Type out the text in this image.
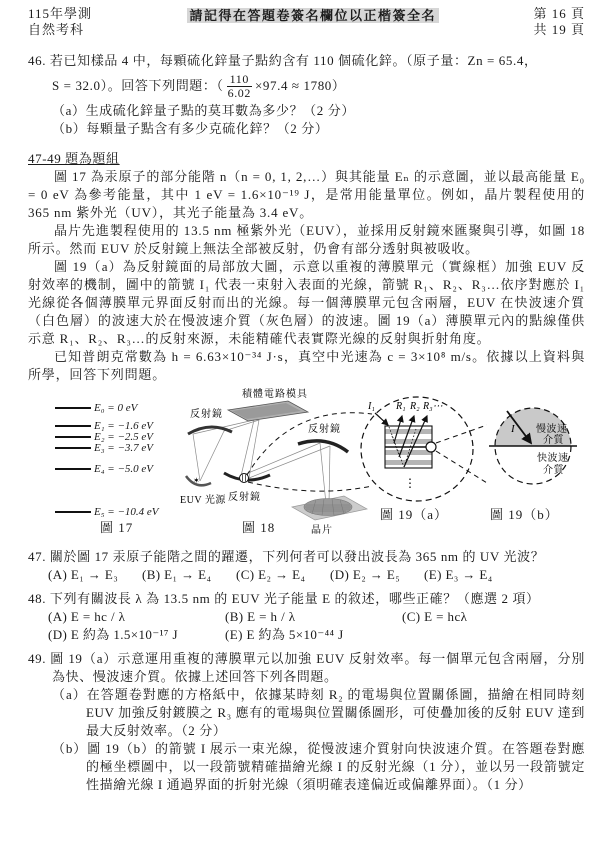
115年學測
自然考科
請記得在答題卷簽名欄位以正楷簽全名	第 16 頁
共 19 頁
46. 若已知樣品 4 中，每顆硫化鋅量子點約含有 110 個硫化鋅。（原子量：Zn = 65.4，
S = 32.0）。回答下列問題：（ $\frac{110}{6.02} \times 97.4 \approx 1780$）
（a）生成硫化鋅量子點的莫耳數為多少？（2 分）
（b）每顆量子點含有多少克硫化鋅？（2 分）
47-49 題為題組
圖 17 為汞原子的部分能階 n（n = 0, 1, 2,…）與其能量 Eₙ 的示意圖，並以最高能量 E₀ = 0 eV 為參考能量，其中 1 eV = 1.6×10⁻¹⁹ J，是常用能量單位。例如，晶片製程使用的 365 nm 紫外光（UV），其光子能量為 3.4 eV。
晶片先進製程使用的 13.5 nm 極紫外光（EUV），並採用反射鏡來匯聚與引導，如圖 18 所示。然而 EUV 於反射鏡上無法全部被反射，仍會有部分透射與被吸收。
圖 19（a）為反射鏡面的局部放大圖，示意以重複的薄膜單元（實線框）加強 EUV 反射效率的機制，圖中的箭號 I₁ 代表一束射入表面的光線，箭號 R₁、R₂、R₃…依序對應於 I₁ 光線從各個薄膜單元界面反射而出的光線。每一個薄膜單元包含兩層，EUV 在快波速介質（白色層）的波速大於在慢波速介質（灰色層）的波速。圖 19（a）薄膜單元內的點線僅供示意 R₁、R₂、R₃…的反射來源，未能精確代表實際光線的反射與折射角度。
已知普朗克常數為 h = 6.63×10⁻³⁴ J·s，真空中光速為 c = 3×10⁸ m/s。依據以上資料與所學，回答下列問題。
E₀ = 0 eV
E₁ = −1.6 eV
E₂ = −2.5 eV
E₃ = −3.7 eV
E₄ = −5.0 eV
E₅ = −10.4 eV
圖 17
積體電路模具
反射鏡
反射鏡
反射鏡
✶
EUV 光源
晶片
圖 18
I₁ R₁ R₂ R₃⋯
⋮
圖 19（a）
I 慢波速
介質
快波速
介質
圖 19（b）
47. 關於圖 17 汞原子能階之間的躍遷，下列何者可以發出波長為 365 nm 的 UV 光波？
(A) E₁ → E₃	(B) E₁ → E₄	(C) E₂ → E₄	(D) E₂ → E₅	(E) E₃ → E₄
48. 下列有關波長 λ 為 13.5 nm 的 EUV 光子能量 E 的敘述，哪些正確？（應選 2 項）
(A) E = hc / λ	(B) E = h / λ	(C) E = hcλ
(D) E 約為 1.5×10⁻¹⁷ J	(E) E 約為 5×10⁻⁴⁴ J
49. 圖 19（a）示意運用重複的薄膜單元以加強 EUV 反射效率。每一個單元包含兩層，分別為快、慢波速介質。依據上述回答下列各問題。
（a）在答題卷對應的方格紙中，依據某時刻 R₂ 的電場與位置關係圖，描繪在相同時刻 EUV 加強反射鍍膜之 R₃ 應有的電場與位置關係圖形，可使疊加後的反射 EUV 達到最大反射效率。（2 分）
（b）圖 19（b）的箭號 I 展示一束光線，從慢波速介質射向快波速介質。在答題卷對應的極坐標圖中，以一段箭號精確描繪光線 I 的反射光線（1 分），並以另一段箭號定性描繪光線 I 通過界面的折射光線（須明確表達偏近或偏離界面）。（1 分）
